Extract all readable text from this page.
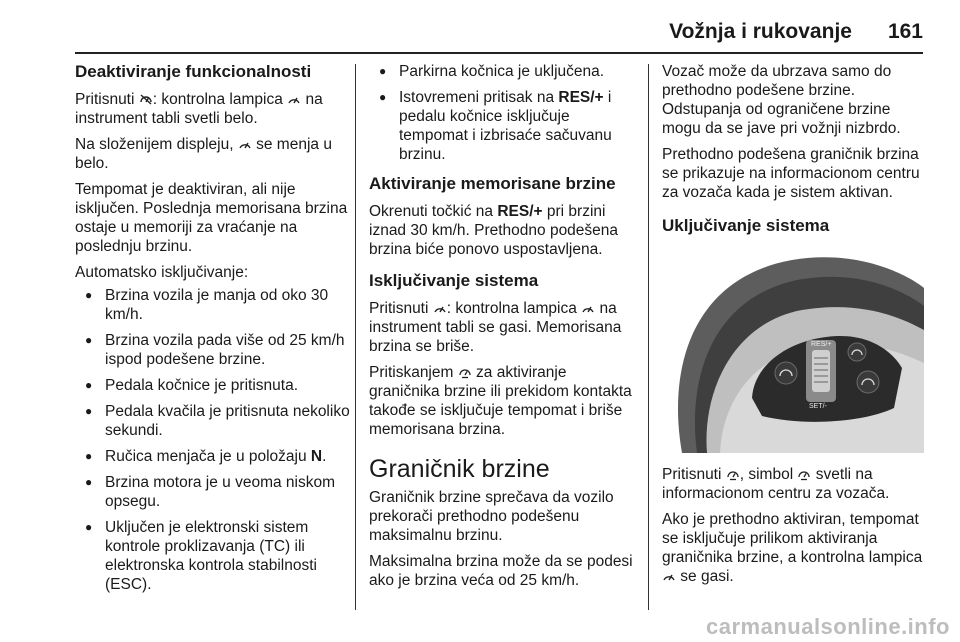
Vožnja i rukovanje 161
Deaktiviranje funkcionalnosti

Pritisnuti
: kontrolna lampica
na instrument tabli svetli belo.

Na složenijem displeju,
se menja u belo.

Tempomat je deaktiviran, ali nije isključen. Poslednja memorisana brzina ostaje u memoriji za vraćanje na poslednju brzinu.

Automatsko isključivanje:

● Brzina vozila je manja od oko 30 km/h.
● Brzina vozila pada više od 25 km/h ispod podešene brzine.
● Pedala kočnice je pritisnuta.
● Pedala kvačila je pritisnuta nekoliko sekundi.
● Ručica menjača je u položaju N.
● Brzina motora je u veoma niskom opsegu.
● Uključen je elektronski sistem kontrole proklizavanja (TC) ili elektronska kontrola stabilnosti (ESC).
● Parkirna kočnica je uključena.
● Istovremeni pritisak na RES/+ i pedalu kočnice isključuje tempomat i izbrisaće sačuvanu brzinu.
Aktiviranje memorisane brzine

Okrenuti točkić na RES/+ pri brzini iznad 30 km/h. Prethodno podešena brzina biće ponovo uspostavljena.

Isključivanje sistema

Pritisnuti
: kontrolna lampica
na instrument tabli se gasi. Memorisana brzina se briše.

Pritiskanjem
za aktiviranje graničnika brzine ili prekidom kontakta takođe se isključuje tempomat i briše memorisana brzina.

Graničnik brzine

Graničnik brzine sprečava da vozilo prekorači prethodno podešenu maksimalnu brzinu.

Maksimalna brzina može da se podesi ako je brzina veća od 25 km/h.

Vozač može da ubrzava samo do prethodno podešene brzine. Odstupanja od ograničene brzine mogu da se jave pri vožnji nizbrdo.

Prethodno podešena graničnik brzina se prikazuje na informacionom centru za vozača kada je sistem aktivan.

Uključivanje sistema
RES/+
SET/-

Pritisnuti
, simbol
svetli na informacionom centru za vozača.

Ako je prethodno aktiviran, tempomat se isključuje prilikom aktiviranja graničnika brzine, a kontrolna lampica
se gasi.

carmanualsonline.info
